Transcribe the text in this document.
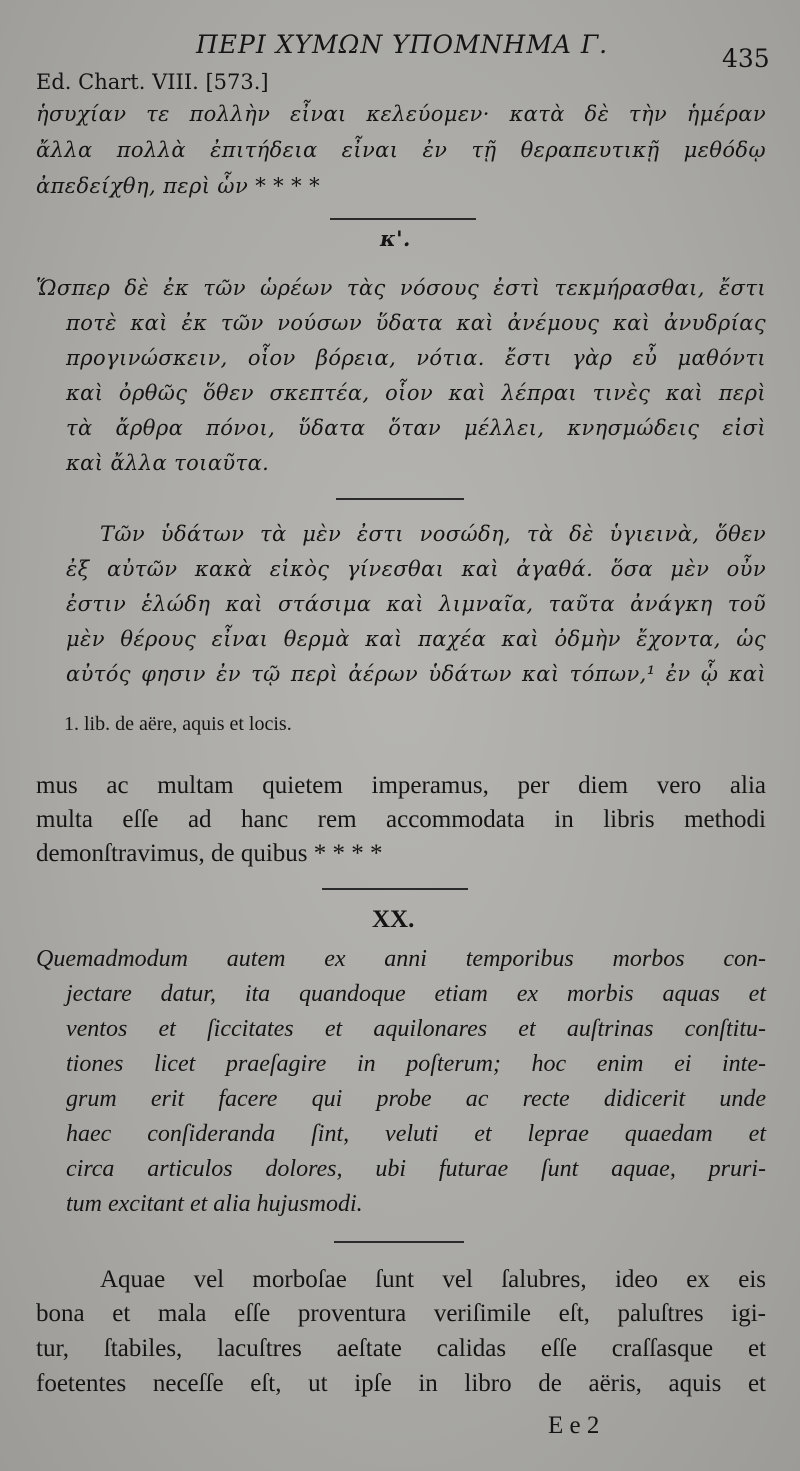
ΠΕΡΙ ΧΥΜΩΝ ΥΠΟΜΝΗΜΑ Γ.	435
Ed. Chart. VIII. [573.]
ἡσυχίαν τε πολλὴν εἶναι κελεύομεν· κατὰ δὲ τὴν ἡμέραν
ἄλλα πολλὰ ἐπιτήδεια εἶναι ἐν τῇ θεραπευτικῇ μεθόδῳ
ἀπεδείχθη, περὶ ὧν * * * *
κ'.
Ὥσπερ δὲ ἐκ τῶν ὡρέων τὰς νόσους ἐστὶ τεκμήρασθαι, ἔστι
ποτὲ καὶ ἐκ τῶν νούσων ὕδατα καὶ ἀνέμους καὶ ἀνυδρίας
προγινώσκειν, οἷον βόρεια, νότια. ἔστι γὰρ εὖ μαθόντι
καὶ ὀρθῶς ὅθεν σκεπτέα, οἷον καὶ λέπραι τινὲς καὶ περὶ
τὰ ἄρθρα πόνοι, ὕδατα ὅταν μέλλει, κνησμώδεις εἰσὶ
καὶ ἄλλα τοιαῦτα.
Τῶν ὑδάτων τὰ μὲν ἐστι νοσώδη, τὰ δὲ ὑγιεινὰ, ὅθεν
ἐξ αὐτῶν κακὰ εἰκὸς γίνεσθαι καὶ ἀγαθά. ὅσα μὲν οὖν
ἐστιν ἑλώδη καὶ στάσιμα καὶ λιμναῖα, ταῦτα ἀνάγκη τοῦ
μὲν θέρους εἶναι θερμὰ καὶ παχέα καὶ ὀδμὴν ἔχοντα, ὡς
αὐτός φησιν ἐν τῷ περὶ ἀέρων ὑδάτων καὶ τόπων,¹ ἐν ᾧ καὶ
1. lib. de aëre, aquis et locis.
mus ac multam quietem imperamus, per diem vero alia
multa eſſe ad hanc rem accommodata in libris methodi
demonſtravimus, de quibus * * * *
XX.
Quemadmodum autem ex anni temporibus morbos con-
jectare datur, ita quandoque etiam ex morbis aquas et
ventos et ſiccitates et aquilonares et auſtrinas conſtitu-
tiones licet praeſagire in poſterum; hoc enim ei inte-
grum erit facere qui probe ac recte didicerit unde
haec conſideranda ſint, veluti et leprae quaedam et
circa articulos dolores, ubi futurae ſunt aquae, pruri-
tum excitant et alia hujusmodi.
Aquae vel morboſae ſunt vel ſalubres, ideo ex eis
bona et mala eſſe proventura veriſimile eſt, paluſtres igi-
tur, ſtabiles, lacuſtres aeſtate calidas eſſe craſſasque et
foetentes neceſſe eſt, ut ipſe in libro de aëris, aquis et
E e 2
